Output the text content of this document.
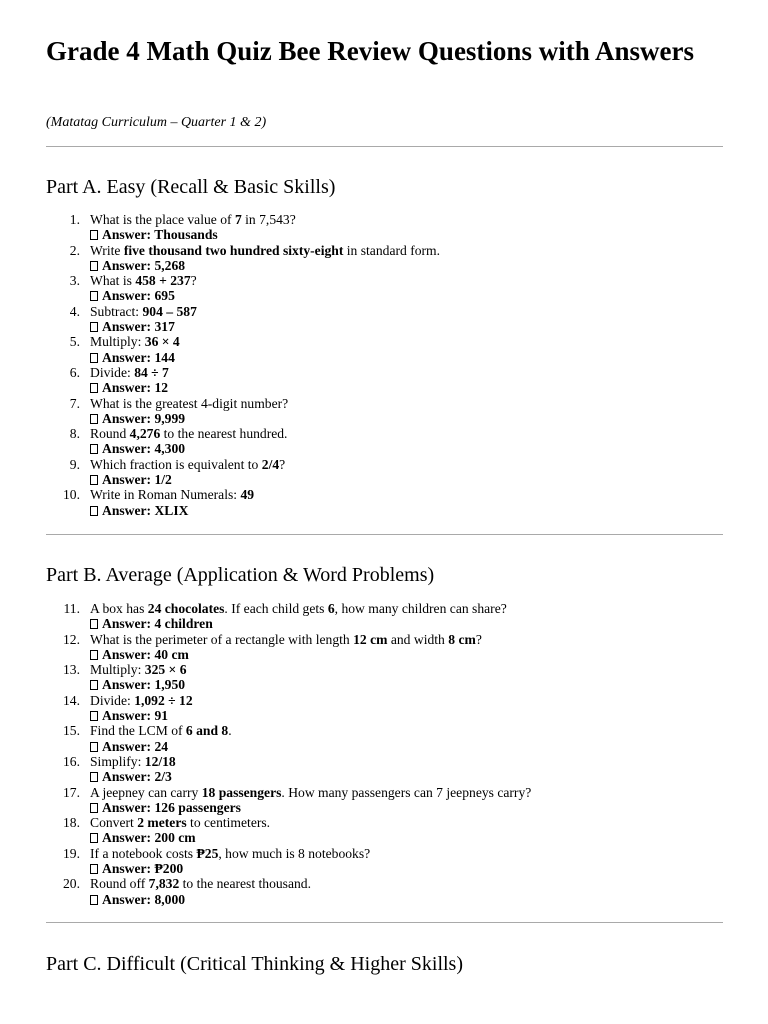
Grade 4 Math Quiz Bee Review Questions with Answers

(Matatag Curriculum – Quarter 1 & 2)

Part A. Easy (Recall & Basic Skills)
1. What is the place value of 7 in 7,543?
Answer: Thousands
2. Write five thousand two hundred sixty-eight in standard form.
Answer: 5,268
3. What is 458 + 237?
Answer: 695
4. Subtract: 904 – 587
Answer: 317
5. Multiply: 36 × 4
Answer: 144
6. Divide: 84 ÷ 7
Answer: 12
7. What is the greatest 4-digit number?
Answer: 9,999
8. Round 4,276 to the nearest hundred.
Answer: 4,300
9. Which fraction is equivalent to 2/4?
Answer: 1/2
10. Write in Roman Numerals: 49
Answer: XLIX
Part B. Average (Application & Word Problems)
11. A box has 24 chocolates. If each child gets 6, how many children can share?
Answer: 4 children
12. What is the perimeter of a rectangle with length 12 cm and width 8 cm?
Answer: 40 cm
13. Multiply: 325 × 6
Answer: 1,950
14. Divide: 1,092 ÷ 12
Answer: 91
15. Find the LCM of 6 and 8.
Answer: 24
16. Simplify: 12/18
Answer: 2/3
17. A jeepney can carry 18 passengers. How many passengers can 7 jeepneys carry?
Answer: 126 passengers
18. Convert 2 meters to centimeters.
Answer: 200 cm
19. If a notebook costs ₱25, how much is 8 notebooks?
Answer: ₱200
20. Round off 7,832 to the nearest thousand.
Answer: 8,000
Part C. Difficult (Critical Thinking & Higher Skills)
